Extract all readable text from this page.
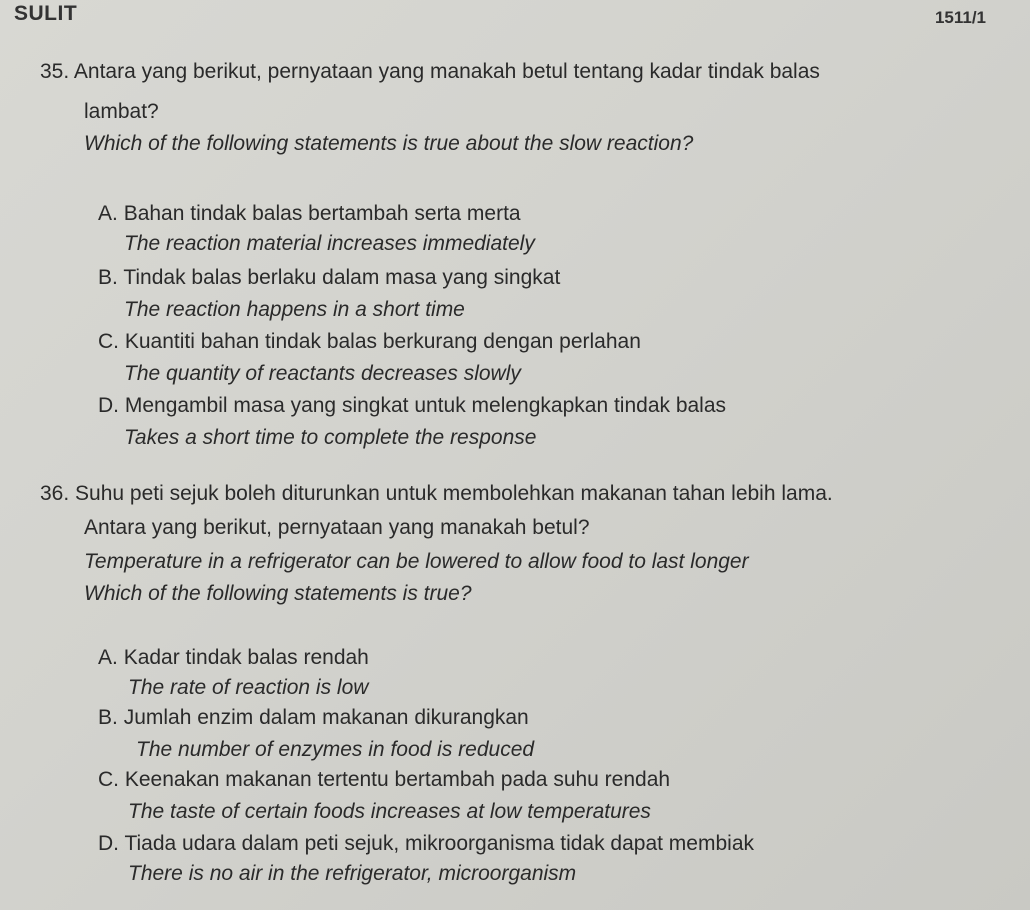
SULIT	1511/1
35. Antara yang berikut, pernyataan yang manakah betul tentang kadar tindak balas
lambat?
Which of the following statements is true about the slow reaction?
A. Bahan tindak balas bertambah serta merta
The reaction material increases immediately
B. Tindak balas berlaku dalam masa yang singkat
The reaction happens in a short time
C. Kuantiti bahan tindak balas berkurang dengan perlahan
The quantity of reactants decreases slowly
D. Mengambil masa yang singkat untuk melengkapkan tindak balas
Takes a short time to complete the response
36. Suhu peti sejuk boleh diturunkan untuk membolehkan makanan tahan lebih lama.
Antara yang berikut, pernyataan yang manakah betul?
Temperature in a refrigerator can be lowered to allow food to last longer
Which of the following statements is true?
A. Kadar tindak balas rendah
The rate of reaction is low
B. Jumlah enzim dalam makanan dikurangkan
The number of enzymes in food is reduced
C. Keenakan makanan tertentu bertambah pada suhu rendah
The taste of certain foods increases at low temperatures
D. Tiada udara dalam peti sejuk, mikroorganisma tidak dapat membiak
There is no air in the refrigerator, microorganism
